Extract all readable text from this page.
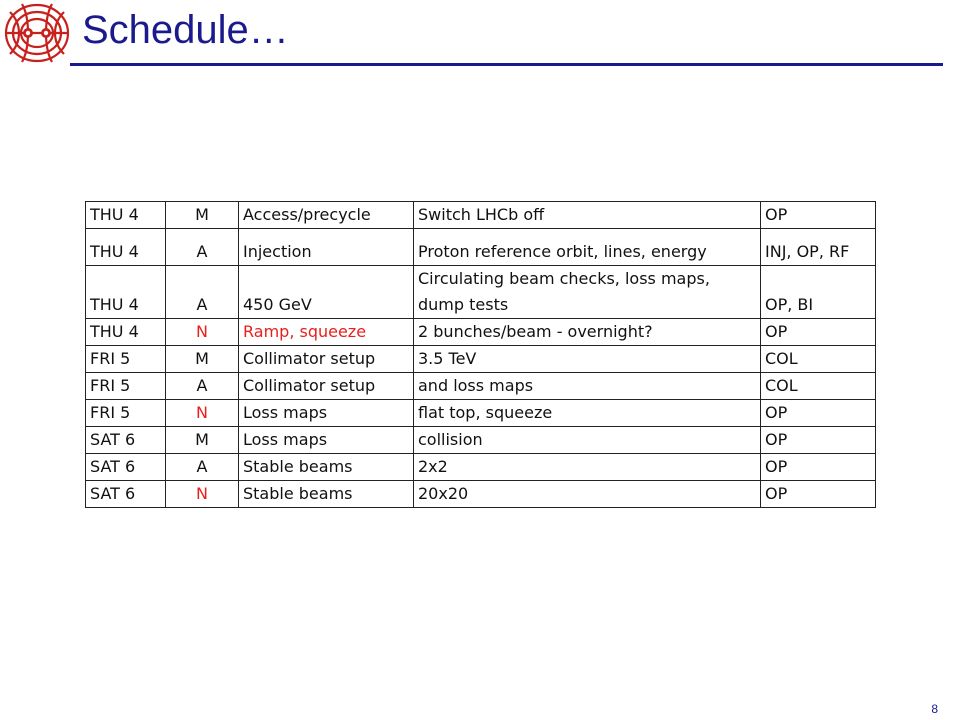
Schedule…
THU 4	M	Access/precycle	Switch LHCb off	OP
THU 4	A	Injection	Proton reference orbit, lines, energy	INJ, OP, RF
THU 4	A	450 GeV	Circulating beam checks, loss maps, dump tests	OP, BI
THU 4	N	Ramp, squeeze	2 bunches/beam - overnight?	OP
FRI 5	M	Collimator setup	3.5 TeV	COL
FRI 5	A	Collimator setup	and loss maps	COL
FRI 5	N	Loss maps	flat top, squeeze	OP
SAT 6	M	Loss maps	collision	OP
SAT 6	A	Stable beams	2x2	OP
SAT 6	N	Stable beams	20x20	OP
8
